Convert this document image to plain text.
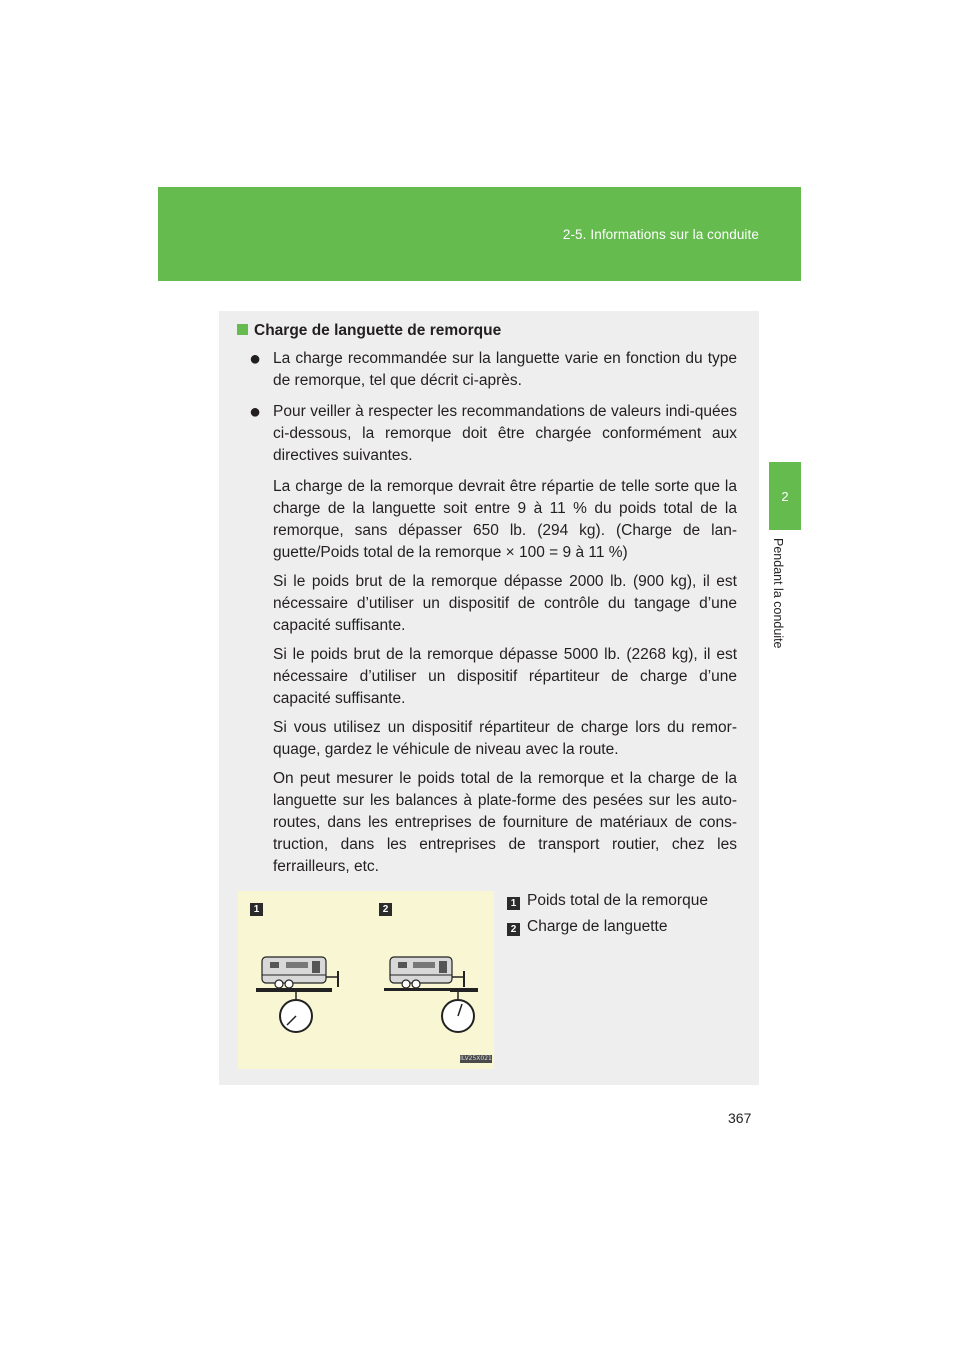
2-5. Informations sur la conduite
2
Pendant la conduite
Charge de languette de remorque
● La charge recommandée sur la languette varie en fonction du type de remorque, tel que décrit ci-après.
● Pour veiller à respecter les recommandations de valeurs indi-quées ci-dessous, la remorque doit être chargée conformément aux directives suivantes.
La charge de la remorque devrait être répartie de telle sorte que la charge de la languette soit entre 9 à 11 % du poids total de la remorque, sans dépasser 650 lb. (294 kg). (Charge de lan-guette/Poids total de la remorque × 100 = 9 à 11 %)
Si le poids brut de la remorque dépasse 2000 lb. (900 kg), il est nécessaire d’utiliser un dispositif de contrôle du tangage d’une capacité suffisante.
Si le poids brut de la remorque dépasse 5000 lb. (2268 kg), il est nécessaire d’utiliser un dispositif répartiteur de charge d’une capacité suffisante.
Si vous utilisez un dispositif répartiteur de charge lors du remor-quage, gardez le véhicule de niveau avec la route.
On peut mesurer le poids total de la remorque et la charge de la languette sur les balances à plate-forme des pesées sur les auto-routes, dans les entreprises de fourniture de matériaux de cons-truction, dans les entreprises de transport routier, chez les ferrailleurs, etc.
1	2
ILV25X021
1 Poids total de la remorque
2 Charge de languette
367
